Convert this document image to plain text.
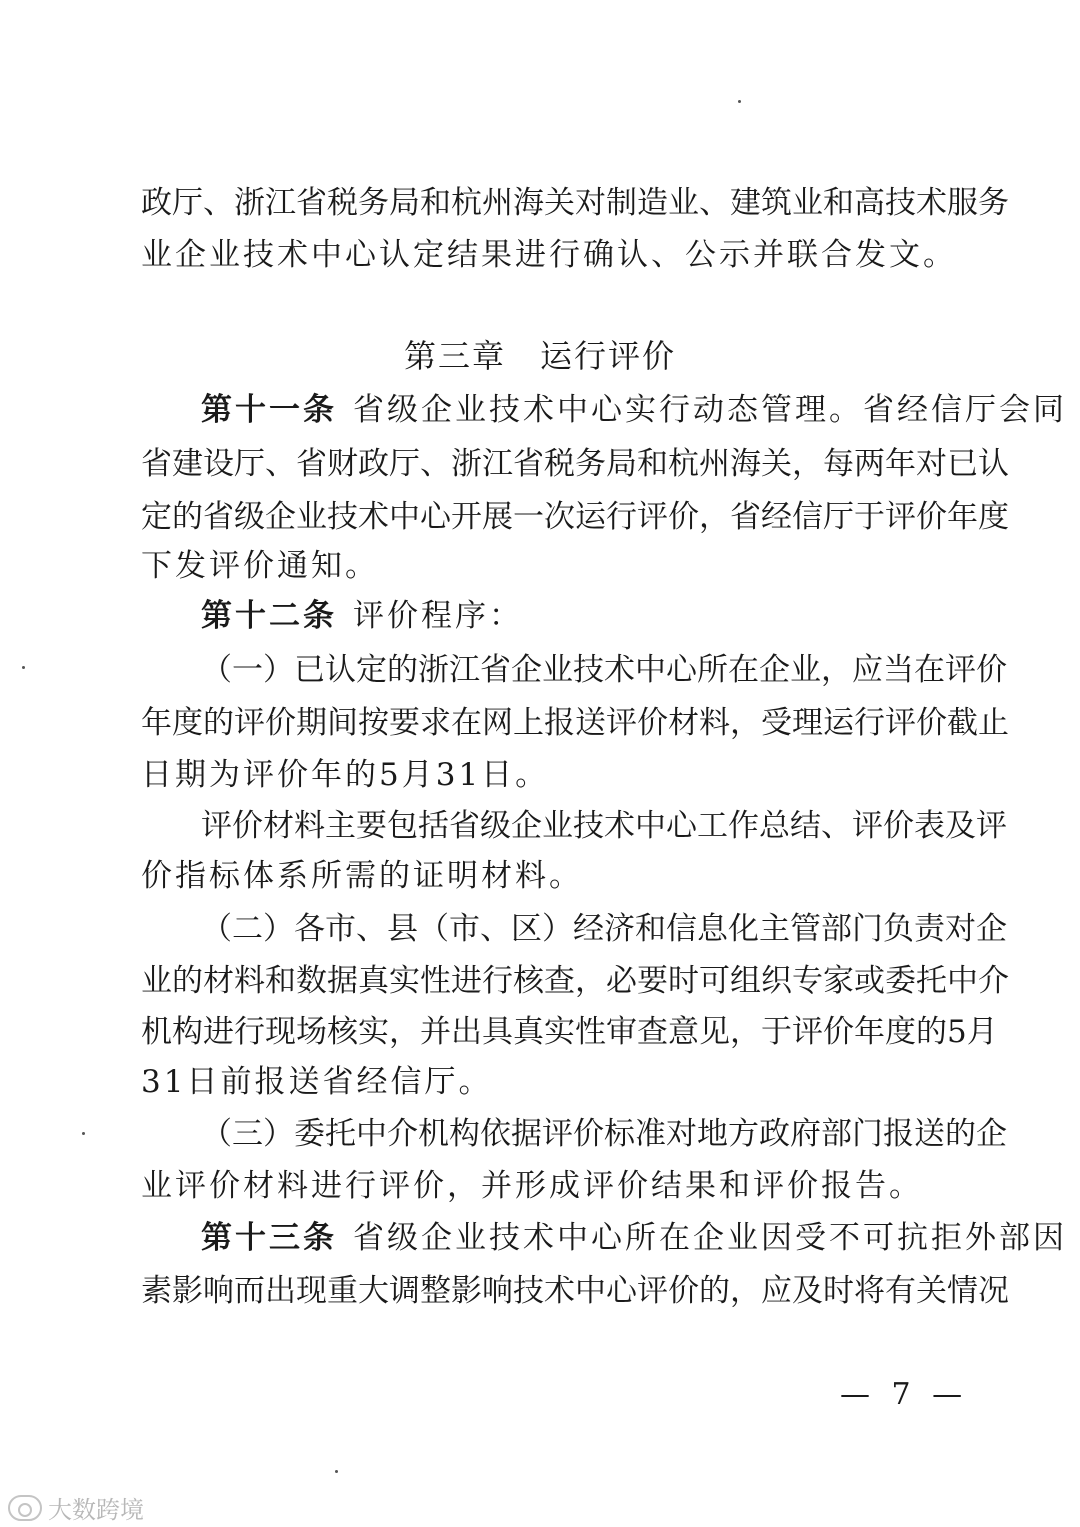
政厅、浙江省税务局和杭州海关对制造业、建筑业和高技术服务
业企业技术中心认定结果进行确认、公示并联合发文。
第三章　运行评价
第十一条 省级企业技术中心实行动态管理。省经信厅会同
省建设厅、省财政厅、浙江省税务局和杭州海关，每两年对已认
定的省级企业技术中心开展一次运行评价，省经信厅于评价年度
下发评价通知。
第十二条 评价程序：
（一）已认定的浙江省企业技术中心所在企业，应当在评价
年度的评价期间按要求在网上报送评价材料，受理运行评价截止
日期为评价年的5月31日。
评价材料主要包括省级企业技术中心工作总结、评价表及评
价指标体系所需的证明材料。
（二）各市、县（市、区）经济和信息化主管部门负责对企
业的材料和数据真实性进行核查，必要时可组织专家或委托中介
机构进行现场核实，并出具真实性审查意见，于评价年度的5月
31日前报送省经信厅。
（三）委托中介机构依据评价标准对地方政府部门报送的企
业评价材料进行评价，并形成评价结果和评价报告。
第十三条 省级企业技术中心所在企业因受不可抗拒外部因
素影响而出现重大调整影响技术中心评价的，应及时将有关情况
— 7 —
大数跨境
